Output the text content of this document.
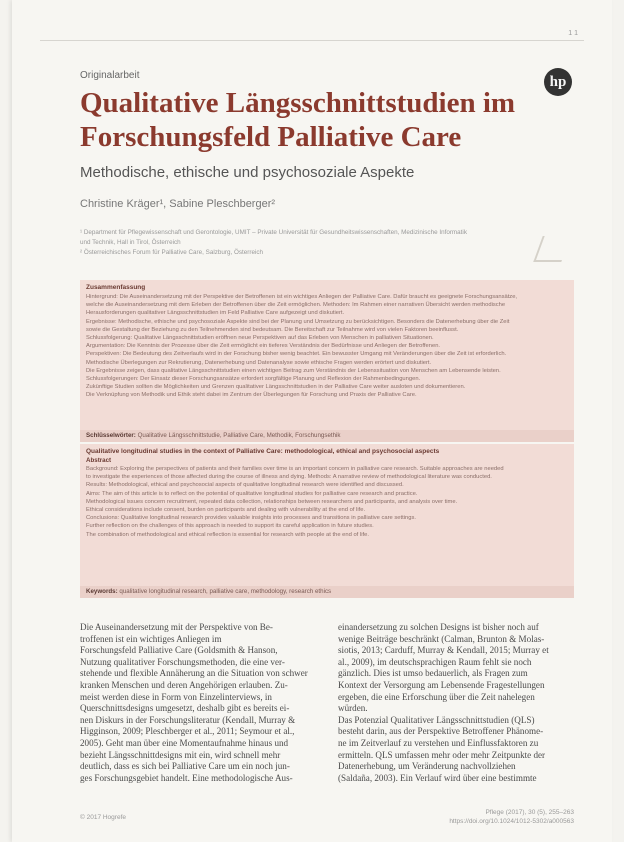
1 1
Originalarbeit	hp
Qualitative Längsschnittstudien im Forschungsfeld Palliative Care
Methodische, ethische und psychosoziale Aspekte
Christine Kräger¹, Sabine Pleschberger²
¹ Department für Pflegewissenschaft und Gerontologie, UMIT – Private Universität für Gesundheitswissenschaften, Medizinische Informatik
und Technik, Hall in Tirol, Österreich
² Österreichisches Forum für Palliative Care, Salzburg, Österreich
Zusammenfassung
Hintergrund: Die Auseinandersetzung mit der Perspektive der Betroffenen ist ein wichtiges Anliegen der Palliative Care. Dafür braucht es geeignete Forschungsansätze,
welche die Auseinandersetzung mit dem Erleben der Betroffenen über die Zeit ermöglichen. Methoden: Im Rahmen einer narrativen Übersicht werden methodische
Herausforderungen qualitativer Längsschnittstudien im Feld Palliative Care aufgezeigt und diskutiert.
Ergebnisse: Methodische, ethische und psychosoziale Aspekte sind bei der Planung und Umsetzung zu berücksichtigen. Besonders die Datenerhebung über die Zeit
sowie die Gestaltung der Beziehung zu den Teilnehmenden sind bedeutsam. Die Bereitschaft zur Teilnahme wird von vielen Faktoren beeinflusst.
Schlussfolgerung: Qualitative Längsschnittstudien eröffnen neue Perspektiven auf das Erleben von Menschen in palliativen Situationen.
Argumentation: Die Kenntnis der Prozesse über die Zeit ermöglicht ein tieferes Verständnis der Bedürfnisse und Anliegen der Betroffenen.
Perspektiven: Die Bedeutung des Zeitverlaufs wird in der Forschung bisher wenig beachtet. Ein bewusster Umgang mit Veränderungen über die Zeit ist erforderlich.
Methodische Überlegungen zur Rekrutierung, Datenerhebung und Datenanalyse sowie ethische Fragen werden erörtert und diskutiert.
Die Ergebnisse zeigen, dass qualitative Längsschnittstudien einen wichtigen Beitrag zum Verständnis der Lebenssituation von Menschen am Lebensende leisten.
Schlussfolgerungen: Der Einsatz dieser Forschungsansätze erfordert sorgfältige Planung und Reflexion der Rahmenbedingungen.
Zukünftige Studien sollten die Möglichkeiten und Grenzen qualitativer Längsschnittstudien in der Palliative Care weiter ausloten und dokumentieren.
Die Verknüpfung von Methodik und Ethik steht dabei im Zentrum der Überlegungen für Forschung und Praxis der Palliative Care.
Schlüsselwörter: Qualitative Längsschnittstudie, Palliative Care, Methodik, Forschungsethik
Qualitative longitudinal studies in the context of Palliative Care: methodological, ethical and psychosocial aspects
Abstract
Background: Exploring the perspectives of patients and their families over time is an important concern in palliative care research. Suitable approaches are needed
to investigate the experiences of those affected during the course of illness and dying. Methods: A narrative review of methodological literature was conducted.
Results: Methodological, ethical and psychosocial aspects of qualitative longitudinal research were identified and discussed.
Aims: The aim of this article is to reflect on the potential of qualitative longitudinal studies for palliative care research and practice.
Methodological issues concern recruitment, repeated data collection, relationships between researchers and participants, and analysis over time.
Ethical considerations include consent, burden on participants and dealing with vulnerability at the end of life.
Conclusions: Qualitative longitudinal research provides valuable insights into processes and transitions in palliative care settings.
Further reflection on the challenges of this approach is needed to support its careful application in future studies.
The combination of methodological and ethical reflection is essential for research with people at the end of life.
Keywords: qualitative longitudinal research, palliative care, methodology, research ethics
Die Auseinandersetzung mit der Perspektive von Be-
troffenen ist ein wichtiges Anliegen im
Forschungsfeld Palliative Care (Goldsmith & Hanson,
Nutzung qualitativer Forschungsmethoden, die eine ver-
stehende und flexible Annäherung an die Situation von schwer
kranken Menschen und deren Angehörigen erlauben. Zu-
meist werden diese in Form von Einzelinterviews, in
Querschnittsdesigns umgesetzt, deshalb gibt es bereits ei-
nen Diskurs in der Forschungsliteratur (Kendall, Murray &
Higginson, 2009; Pleschberger et al., 2011; Seymour et al.,
2005). Geht man über eine Momentaufnahme hinaus und
bezieht Längsschnittdesigns mit ein, wird schnell mehr
deutlich, dass es sich bei Palliative Care um ein noch jun-
ges Forschungsgebiet handelt. Eine methodologische Aus-
einandersetzung zu solchen Designs ist bisher noch auf
wenige Beiträge beschränkt (Calman, Brunton & Molas-
siotis, 2013; Carduff, Murray & Kendall, 2015; Murray et
al., 2009), im deutschsprachigen Raum fehlt sie noch
gänzlich. Dies ist umso bedauerlich, als Fragen zum
Kontext der Versorgung am Lebensende Fragestellungen
ergeben, die eine Erforschung über die Zeit nahelegen
würden.
Das Potenzial Qualitativer Längsschnittstudien (QLS)
besteht darin, aus der Perspektive Betroffener Phänome-
ne im Zeitverlauf zu verstehen und Einflussfaktoren zu
ermitteln. QLS umfassen mehr oder mehr Zeitpunkte der
Datenerhebung, um Veränderung nachvollziehen
(Saldaña, 2003). Ein Verlauf wird über eine bestimmte
© 2017 Hogrefe
Pflege (2017), 30 (5), 255–263
https://doi.org/10.1024/1012-5302/a000563
